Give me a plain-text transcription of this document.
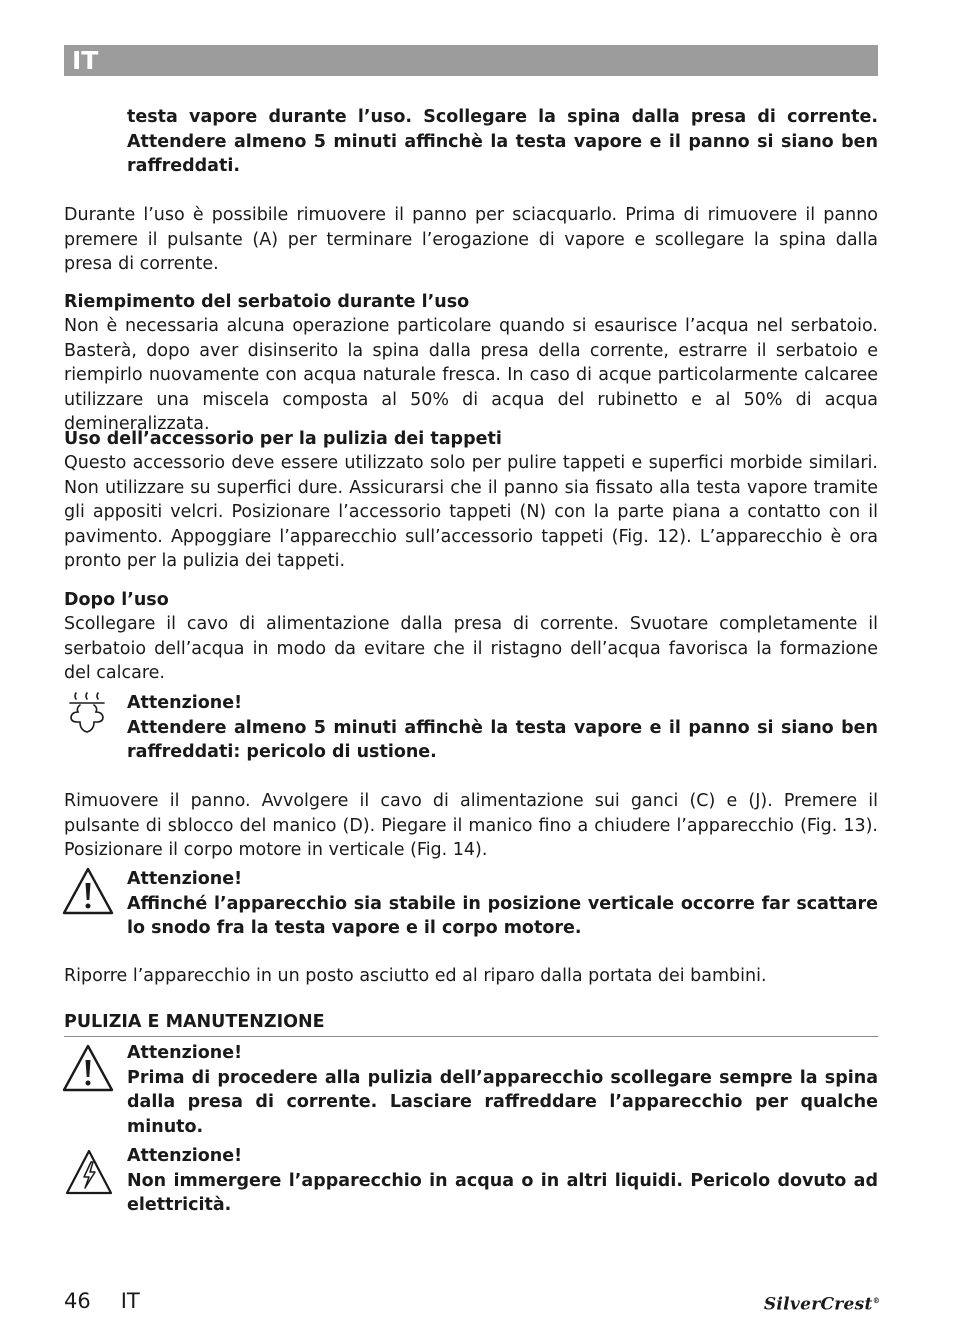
IT

testa vapore durante l’uso. Scollegare la spina dalla presa di corrente. Attendere almeno 5 minuti affinchè la testa vapore e il panno si siano ben raffreddati.

Durante l’uso è possibile rimuovere il panno per sciacquarlo. Prima di rimuovere il panno premere il pulsante (A) per terminare l’erogazione di vapore e scollegare la spina dalla presa di corrente.

Riempimento del serbatoio durante l’uso

Non è necessaria alcuna operazione particolare quando si esaurisce l’acqua nel serbatoio. Basterà, dopo aver disinserito la spina dalla presa della corrente, estrarre il serbatoio e riempirlo nuovamente con acqua naturale fresca. In caso di acque particolarmente calcaree utilizzare una miscela composta al 50% di acqua del rubinetto e al 50% di acqua demineralizzata.

Uso dell’accessorio per la pulizia dei tappeti

Questo accessorio deve essere utilizzato solo per pulire tappeti e superfici morbide similari. Non utilizzare su superfici dure. Assicurarsi che il panno sia fissato alla testa vapore tramite gli appositi velcri. Posizionare l’accessorio tappeti (N) con la parte piana a contatto con il pavimento. Appoggiare l’apparecchio sull’accessorio tappeti (Fig. 12). L’apparecchio è ora pronto per la pulizia dei tappeti.

Dopo l’uso

Scollegare il cavo di alimentazione dalla presa di corrente. Svuotare completamente il serbatoio dell’acqua in modo da evitare che il ristagno dell’acqua favorisca la formazione del calcare.

Attenzione!

Attendere almeno 5 minuti affinchè la testa vapore e il panno si siano ben raffreddati: pericolo di ustione.

Rimuovere il panno. Avvolgere il cavo di alimentazione sui ganci (C) e (J). Premere il pulsante di sblocco del manico (D). Piegare il manico fino a chiudere l’apparecchio (Fig. 13). Posizionare il corpo motore in verticale (Fig. 14).

Attenzione!

Affinché l’apparecchio sia stabile in posizione verticale occorre far scattare lo snodo fra la testa vapore e il corpo motore.

Riporre l’apparecchio in un posto asciutto ed al riparo dalla portata dei bambini.

PULIZIA E MANUTENZIONE

Attenzione!

Prima di procedere alla pulizia dell’apparecchio scollegare sempre la spina dalla presa di corrente. Lasciare raffreddare l’apparecchio per qualche minuto.

Attenzione!

Non immergere l’apparecchio in acqua o in altri liquidi. Pericolo dovuto ad elettricità.

46 IT	SilverCrest®
